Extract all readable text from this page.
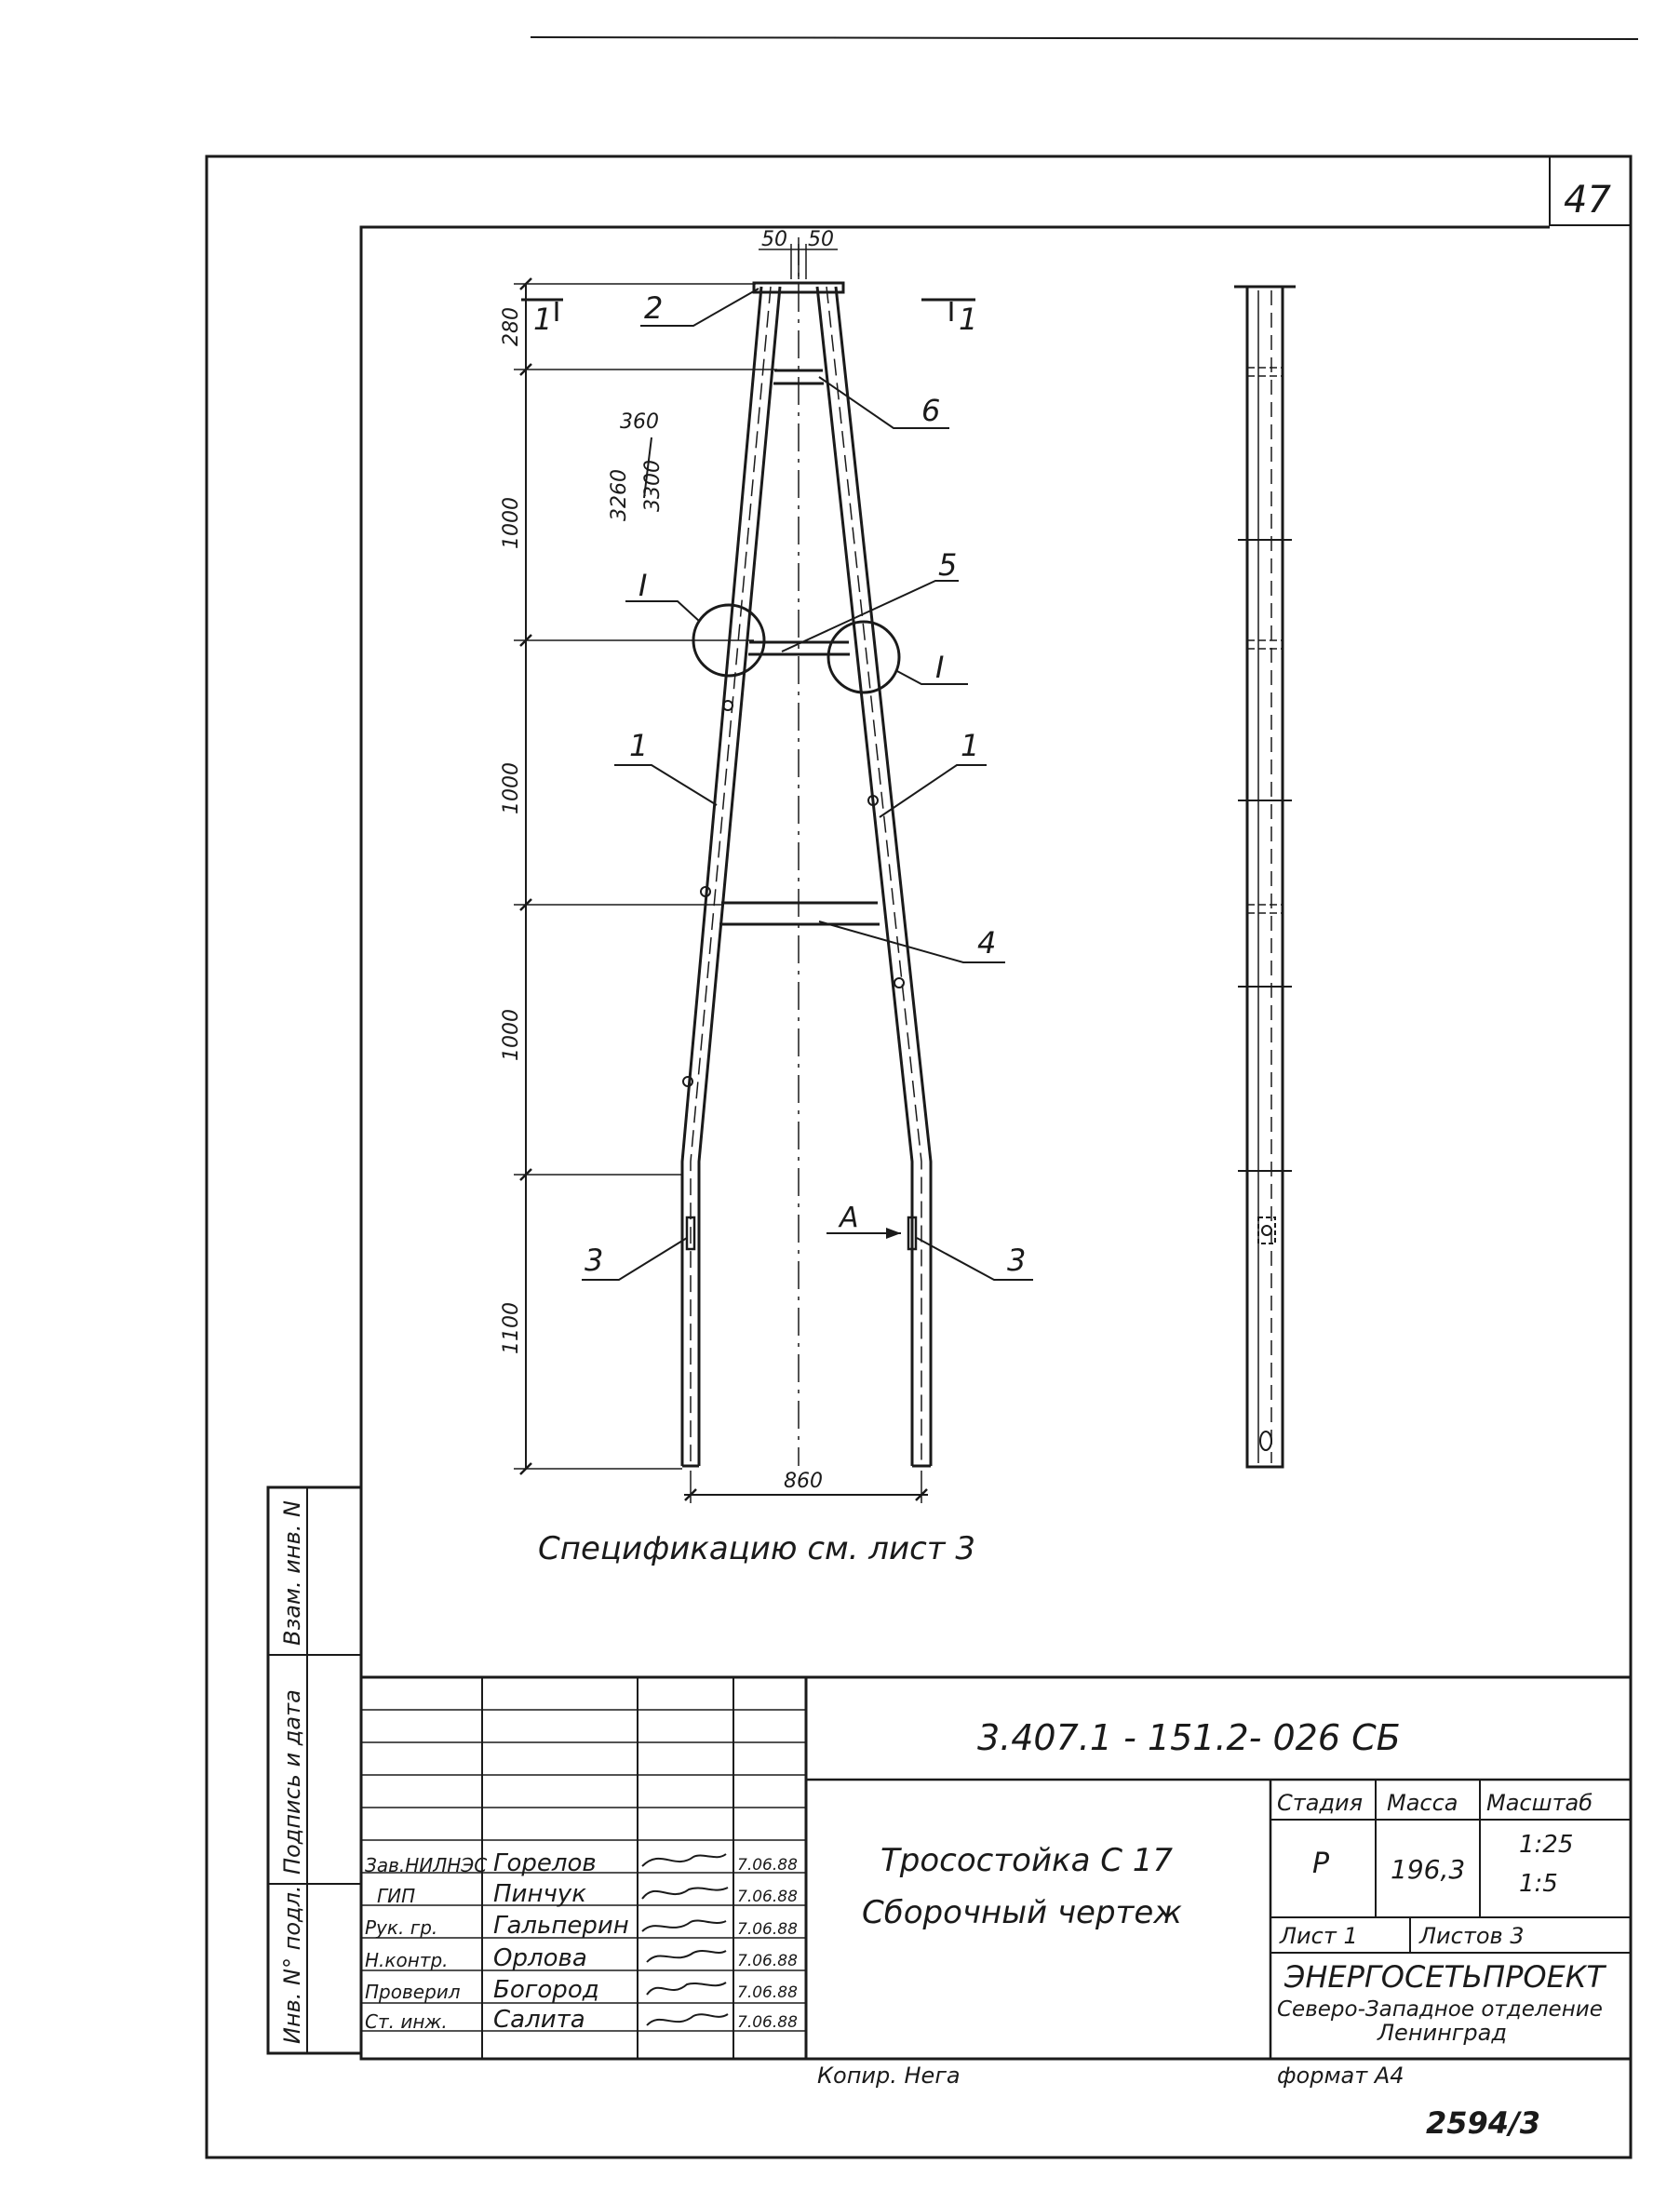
47
1	1
2
6
5
1	1
4
3	3
I
I
А
360
3260 3300
280
1000
1000
1000
1100
50 50
860
Спецификацию см. лист 3
Взам. инв. N
Подпись и дата
Инв. N° подл.
3.407.1 - 151.2- 026 СБ
Тросостойка С 17
Сборочный чертеж
Стадия Масса Масштаб
Р 196,3
1:25
1:5
Лист 1	Листов 3
ЭНЕРГОСЕТЬПРОЕКТ
Северо-Западное отделение
Ленинград
Зав.НИЛНЭС Горелов	7.06.88
ГИП	Пинчук	7.06.88
Рук. гр. Гальперин	7.06.88
Н.контр. Орлова	7.06.88
Проверил Богород	7.06.88
Ст. инж. Салита	7.06.88
Копир. Нега	формат А4
2594/3
